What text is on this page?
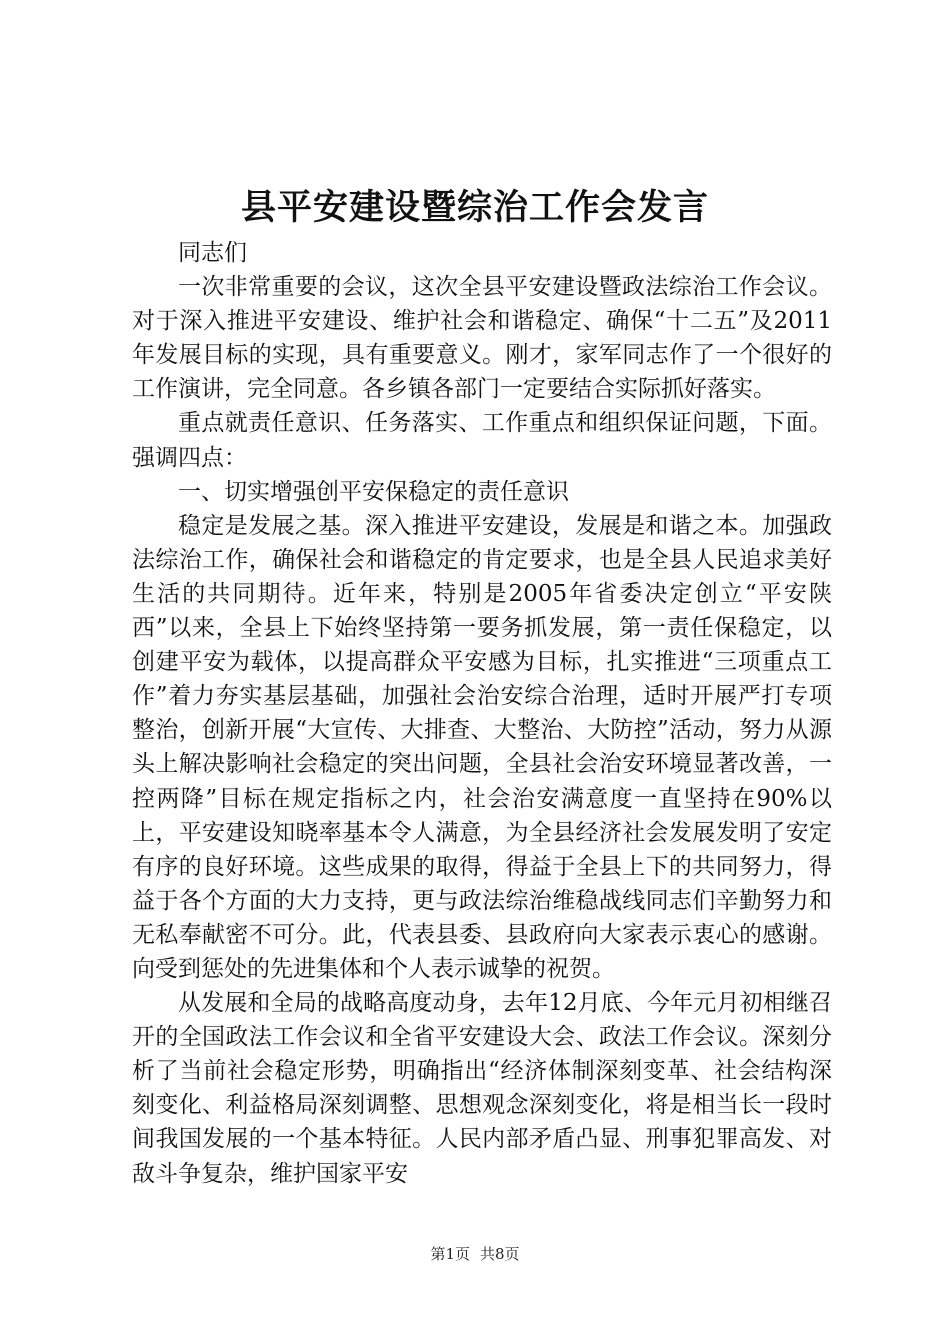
县平安建设暨综治工作会发言

同志们

一次非常重要的会议，这次全县平安建设暨政法综治工作会议。对于深入推进平安建设、维护社会和谐稳定、确保“十二五”及2011年发展目标的实现，具有重要意义。刚才，家军同志作了一个很好的工作演讲，完全同意。各乡镇各部门一定要结合实际抓好落实。

重点就责任意识、任务落实、工作重点和组织保证问题，下面。强调四点：

一、切实增强创平安保稳定的责任意识

稳定是发展之基。深入推进平安建设，发展是和谐之本。加强政法综治工作，确保社会和谐稳定的肯定要求，也是全县人民追求美好生活的共同期待。近年来，特别是2005年省委决定创立“平安陕西”以来，全县上下始终坚持第一要务抓发展，第一责任保稳定，以创建平安为载体，以提高群众平安感为目标，扎实推进“三项重点工作”着力夯实基层基础，加强社会治安综合治理，适时开展严打专项整治，创新开展“大宣传、大排查、大整治、大防控”活动，努力从源头上解决影响社会稳定的突出问题，全县社会治安环境显著改善，一控两降”目标在规定指标之内，社会治安满意度一直坚持在90%以上，平安建设知晓率基本令人满意，为全县经济社会发展发明了安定有序的良好环境。这些成果的取得，得益于全县上下的共同努力，得益于各个方面的大力支持，更与政法综治维稳战线同志们辛勤努力和无私奉献密不可分。此，代表县委、县政府向大家表示衷心的感谢。向受到惩处的先进集体和个人表示诚挚的祝贺。

从发展和全局的战略高度动身，去年12月底、今年元月初相继召开的全国政法工作会议和全省平安建设大会、政法工作会议。深刻分析了当前社会稳定形势，明确指出“经济体制深刻变革、社会结构深刻变化、利益格局深刻调整、思想观念深刻变化，将是相当长一段时间我国发展的一个基本特征。人民内部矛盾凸显、刑事犯罪高发、对敌斗争复杂，维护国家平安

第1页 共8页
